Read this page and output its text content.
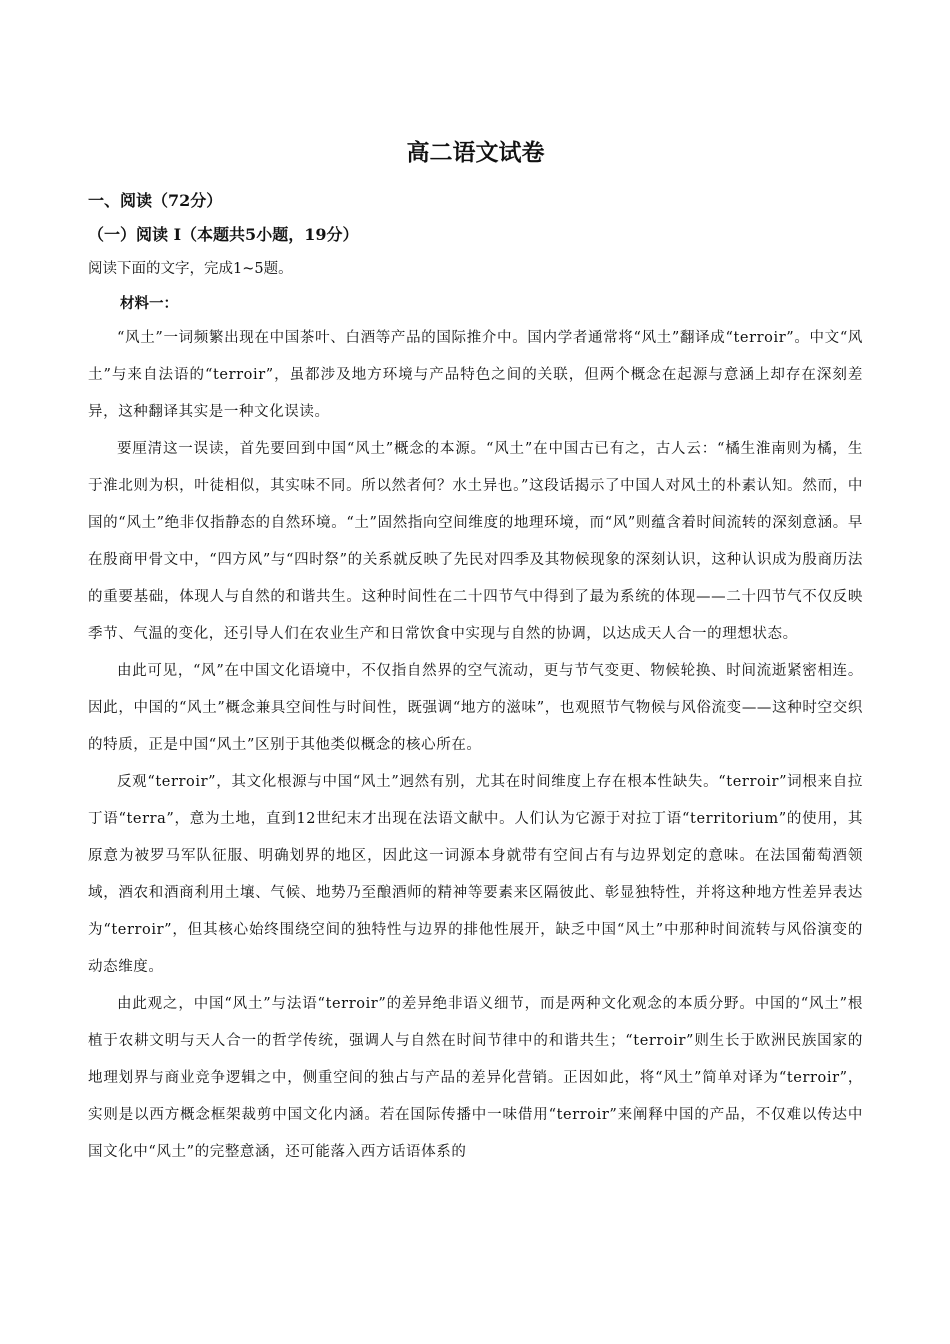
高二语文试卷
一、阅读（72分）
（一）阅读 I（本题共5小题，19分）
阅读下面的文字，完成1~5题。
材料一：

“风土”一词频繁出现在中国茶叶、白酒等产品的国际推介中。国内学者通常将“风土”翻译成“terroir”。中文“风土”与来自法语的“terroir”，虽都涉及地方环境与产品特色之间的关联，但两个概念在起源与意涵上却存在深刻差异，这种翻译其实是一种文化误读。

要厘清这一误读，首先要回到中国“风土”概念的本源。“风土”在中国古已有之，古人云：“橘生淮南则为橘，生于淮北则为枳，叶徒相似，其实味不同。所以然者何？水土异也。”这段话揭示了中国人对风土的朴素认知。然而，中国的“风土”绝非仅指静态的自然环境。“土”固然指向空间维度的地理环境，而“风”则蕴含着时间流转的深刻意涵。早在殷商甲骨文中，“四方风”与“四时祭”的关系就反映了先民对四季及其物候现象的深刻认识，这种认识成为殷商历法的重要基础，体现人与自然的和谐共生。这种时间性在二十四节气中得到了最为系统的体现——二十四节气不仅反映季节、气温的变化，还引导人们在农业生产和日常饮食中实现与自然的协调，以达成天人合一的理想状态。

由此可见，“风”在中国文化语境中，不仅指自然界的空气流动，更与节气变更、物候轮换、时间流逝紧密相连。因此，中国的“风土”概念兼具空间性与时间性，既强调“地方的滋味”，也观照节气物候与风俗流变——这种时空交织的特质，正是中国“风土”区别于其他类似概念的核心所在。

反观“terroir”，其文化根源与中国“风土”迥然有别，尤其在时间维度上存在根本性缺失。“terroir”词根来自拉丁语“terra”，意为土地，直到12世纪末才出现在法语文献中。人们认为它源于对拉丁语“territorium”的使用，其原意为被罗马军队征服、明确划界的地区，因此这一词源本身就带有空间占有与边界划定的意味。在法国葡萄酒领域，酒农和酒商利用土壤、气候、地势乃至酿酒师的精神等要素来区隔彼此、彰显独特性，并将这种地方性差异表达为“terroir”，但其核心始终围绕空间的独特性与边界的排他性展开，缺乏中国“风土”中那种时间流转与风俗演变的动态维度。

由此观之，中国“风土”与法语“terroir”的差异绝非语义细节，而是两种文化观念的本质分野。中国的“风土”根植于农耕文明与天人合一的哲学传统，强调人与自然在时间节律中的和谐共生；“terroir”则生长于欧洲民族国家的地理划界与商业竞争逻辑之中，侧重空间的独占与产品的差异化营销。正因如此，将“风土”简单对译为“terroir”，实则是以西方概念框架裁剪中国文化内涵。若在国际传播中一味借用“terroir”来阐释中国的产品，不仅难以传达中国文化中“风土”的完整意涵，还可能落入西方话语体系的
